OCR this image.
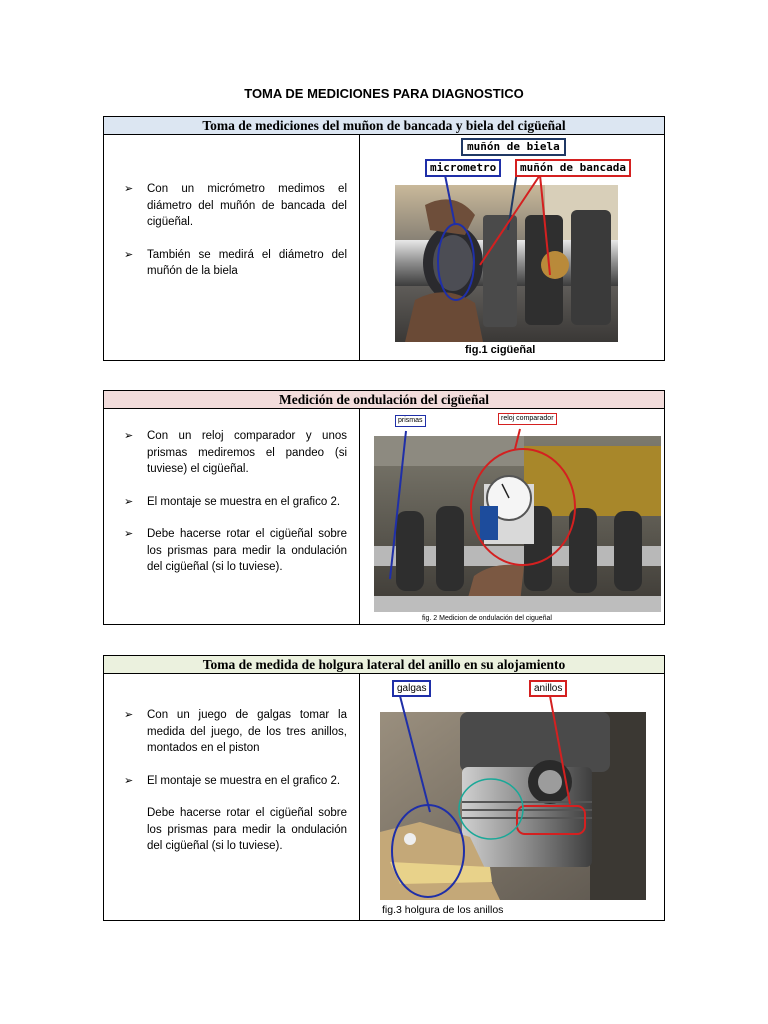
TOMA DE MEDICIONES PARA DIAGNOSTICO
Toma de mediciones del muñon de bancada y biela del cigüeñal
➢ Con un micrómetro medimos el diámetro del muñón de bancada del cigüeñal.
➢ También se medirá el diámetro del muñón de la biela
muñón de biela
micrometro	muñón de bancada
fig.1 cigüeñal
Medición de ondulación del cigüeñal
➢ Con un reloj comparador y unos prismas mediremos el pandeo (si tuviese) el cigüeñal.
➢ El montaje se muestra en el grafico 2.
➢ Debe hacerse rotar el cigüeñal sobre los prismas para medir la ondulación del cigüeñal (si lo tuviese).
prismas	reloj comparador
fig. 2 Medicion de ondulación del cigueñal
Toma de medida de holgura lateral del anillo en su alojamiento
➢ Con un juego de galgas tomar la medida del juego, de los tres anillos, montados en el piston
➢ El montaje se muestra en el grafico 2.
Debe hacerse rotar el cigüeñal sobre los prismas para medir la ondulación del cigüeñal (si lo tuviese).
galgas	anillos
fig.3 holgura de los anillos
